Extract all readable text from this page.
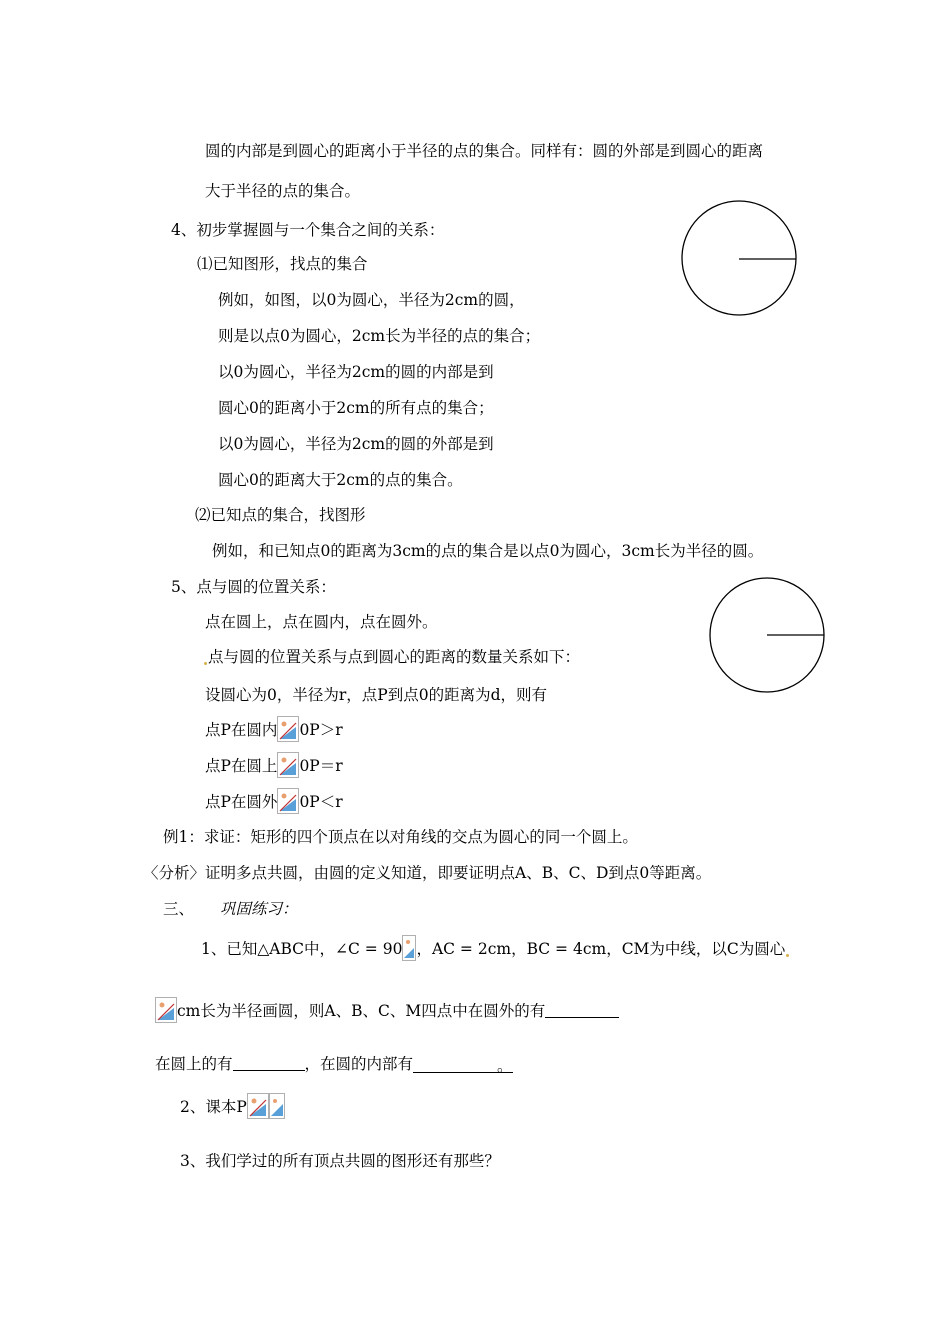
圆的内部是到圆心的距离小于半径的点的集合。同样有：圆的外部是到圆心的距离
大于半径的点的集合。
4、初步掌握圆与一个集合之间的关系：
⑴已知图形，找点的集合
例如，如图，以0为圆心，半径为2cm的圆，
则是以点0为圆心，2cm长为半径的点的集合；
以0为圆心，半径为2cm的圆的内部是到
圆心0的距离小于2cm的所有点的集合；
以0为圆心，半径为2cm的圆的外部是到
圆心0的距离大于2cm的点的集合。
⑵已知点的集合，找图形
例如，和已知点0的距离为3cm的点的集合是以点0为圆心，3cm长为半径的圆。
5、点与圆的位置关系：
点在圆上，点在圆内，点在圆外。
点与圆的位置关系与点到圆心的距离的数量关系如下：
设圆心为0，半径为r，点P到点0的距离为d，则有
点P在圆内 0P＞r
点P在圆上 0P＝r
点P在圆外 0P＜r
例1：求证：矩形的四个顶点在以对角线的交点为圆心的同一个圆上。
〈分析〉证明多点共圆，由圆的定义知道，即要证明点A、B、C、D到点0等距离。
三、 巩固练习：
1、已知△ABC中，∠C = 90 ，AC = 2cm，BC = 4cm，CM为中线，以C为圆心
cm长为半径画圆，则A、B、C、M四点中在圆外的有
在圆上的有	，在圆的内部有	。
2、课本P
3、我们学过的所有顶点共圆的图形还有那些？
